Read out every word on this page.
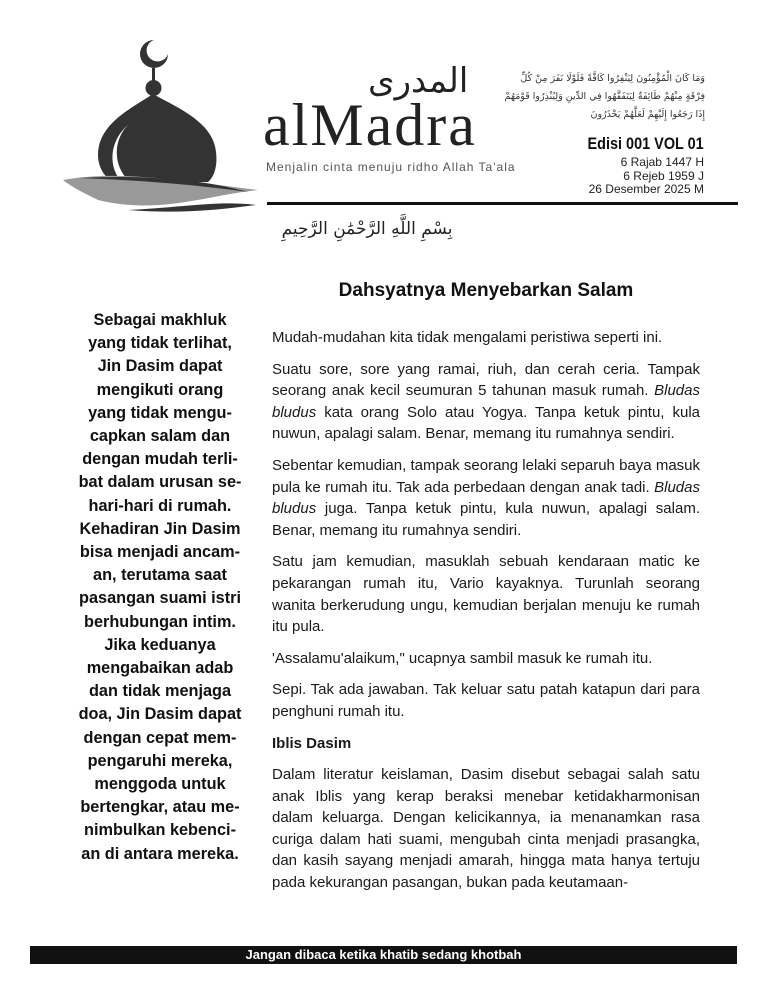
المدرى
alMadra
Menjalin cinta menuju ridho Allah Ta'ala
وَمَا كَانَ الْمُؤْمِنُونَ لِيَنْفِرُوا كَافَّةً فَلَوْلَا نَفَرَ مِنْ كُلِّ فِرْقَةٍ مِنْهُمْ طَائِفَةٌ لِيَتَفَقَّهُوا فِي الدِّينِ وَلِيُنْذِرُوا قَوْمَهُمْ إِذَا رَجَعُوا إِلَيْهِمْ لَعَلَّهُمْ يَحْذَرُونَ
Edisi 001 VOL 01
6 Rajab 1447 H
6 Rejeb 1959 J
26 Desember 2025 M
بِسْمِ اللَّهِ الرَّحْمَٰنِ الرَّحِيمِ
Dahsyatnya Menyebarkan Salam
Sebagai makhluk
yang tidak terlihat,
Jin Dasim dapat
mengikuti orang
yang tidak mengu-
capkan salam dan
dengan mudah terli-
bat dalam urusan se-
hari-hari di rumah.
Kehadiran Jin Dasim
bisa menjadi ancam-
an, terutama saat
pasangan suami istri
berhubungan intim.
Jika keduanya
mengabaikan adab
dan tidak menjaga
doa, Jin Dasim dapat
dengan cepat mem-
pengaruhi mereka,
menggoda untuk
bertengkar, atau me-
nimbulkan kebenci-
an di antara mereka.

Mudah-mudahan kita tidak mengalami peristiwa seperti ini.

Suatu sore, sore yang ramai, riuh, dan cerah ceria. Tampak seorang anak kecil seumuran 5 tahunan masuk rumah. Bludas bludus kata orang Solo atau Yogya. Tanpa ketuk pintu, kula nuwun, apalagi salam. Benar, memang itu rumahnya sendiri.

Sebentar kemudian, tampak seorang lelaki separuh baya masuk pula ke rumah itu. Tak ada perbedaan dengan anak tadi. Bludas bludus juga. Tanpa ketuk pintu, kula nuwun, apalagi salam. Benar, memang itu rumahnya sendiri.

Satu jam kemudian, masuklah sebuah kendaraan matic ke pekarangan rumah itu, Vario kayaknya. Turunlah seorang wanita berkerudung ungu, kemudian berjalan menuju ke rumah itu pula.

'Assalamu'alaikum," ucapnya sambil masuk ke rumah itu.

Sepi. Tak ada jawaban. Tak keluar satu patah katapun dari para penghuni rumah itu.

Iblis Dasim

Dalam literatur keislaman, Dasim disebut sebagai salah satu anak Iblis yang kerap beraksi menebar ketidakharmonisan dalam keluarga. Dengan kelicikannya, ia menanamkan rasa curiga dalam hati suami, mengubah cinta menjadi prasangka, dan kasih sayang menjadi amarah, hingga mata hanya tertuju pada kekurangan pasangan, bukan pada keutamaan-

Jangan dibaca ketika khatib sedang khotbah
